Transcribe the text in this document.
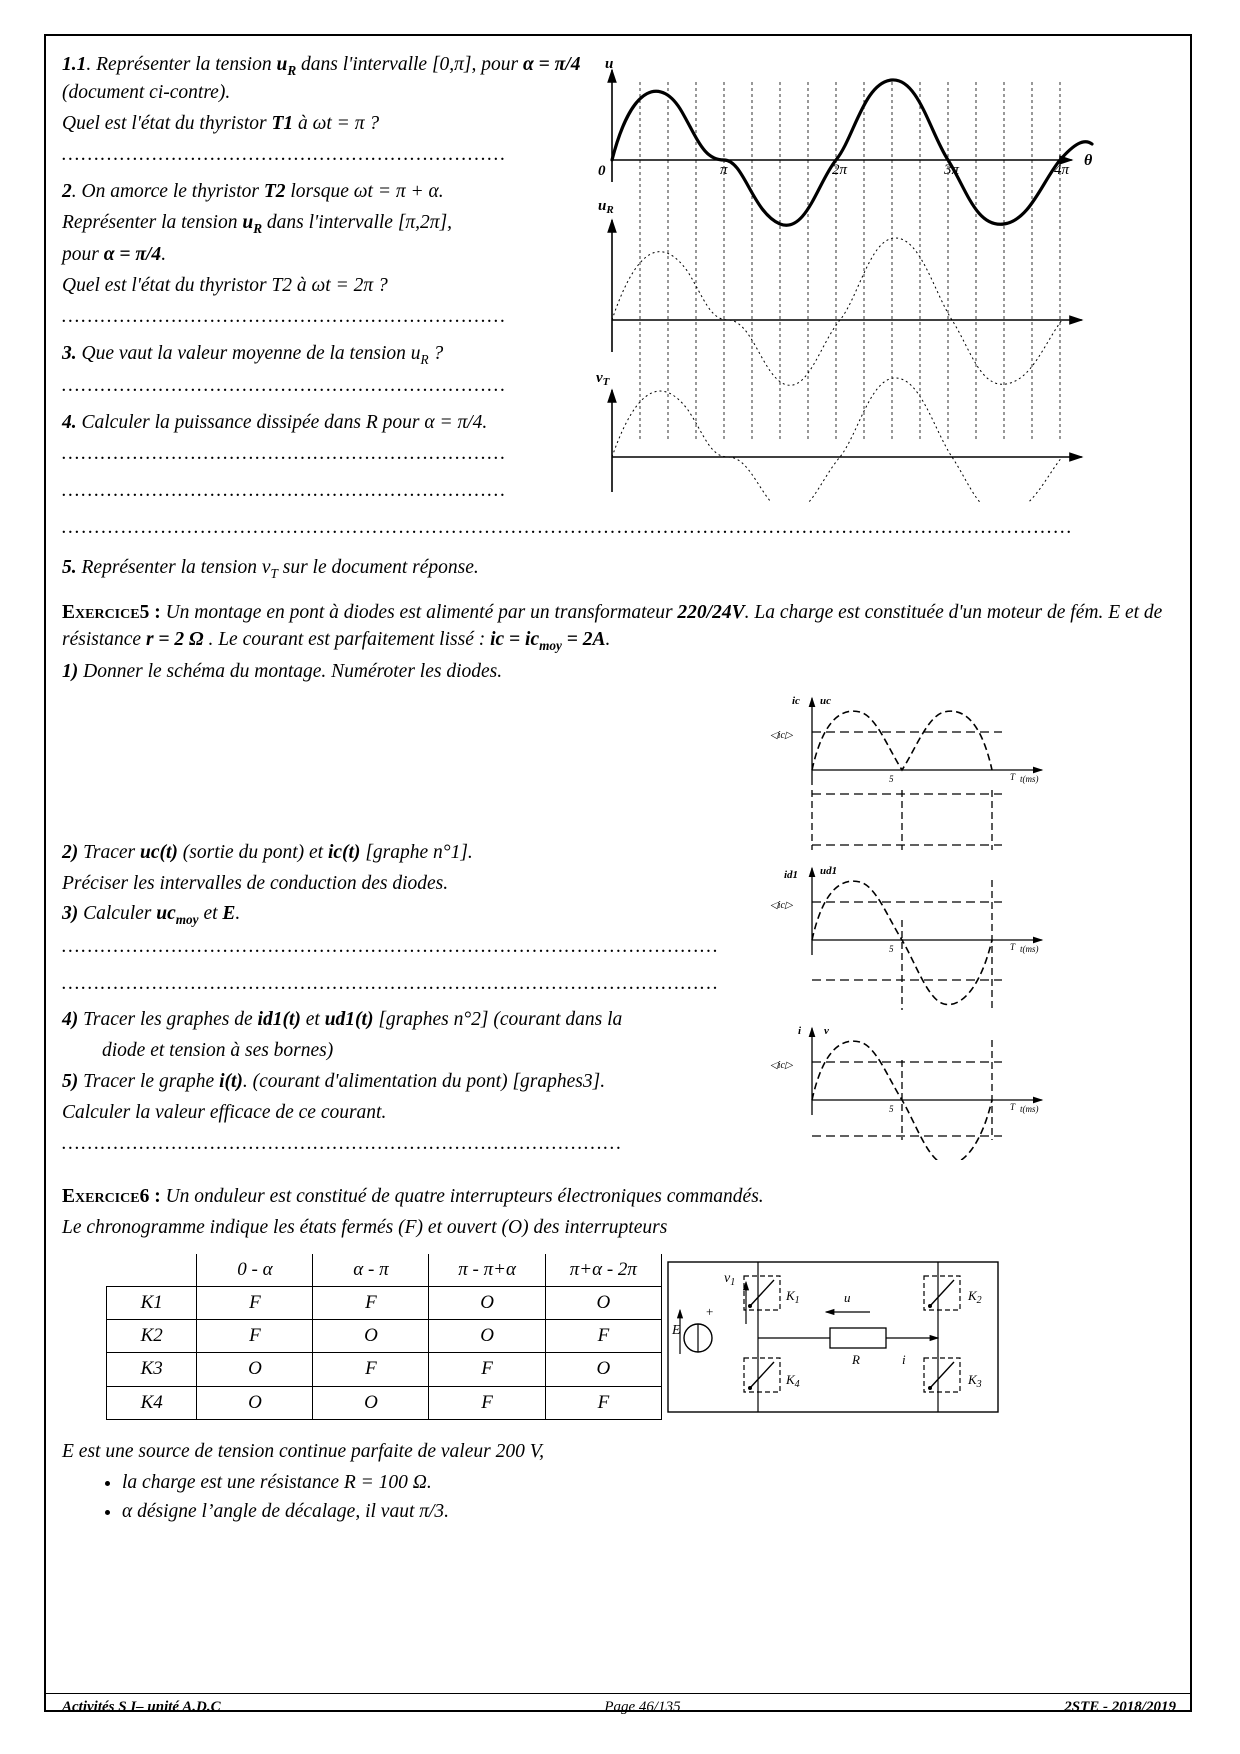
1.1. Représenter la tension $u_R$ dans l'intervalle [0,π], pour α = π/4 (document ci-contre).

Quel est l'état du thyristor T1 à ωt = π ?

……………………………………………………………

2. On amorce le thyristor T2 lorsque ωt = π + α.

Représenter la tension $u_R$ dans l'intervalle [π,2π],

pour α = π/4.

Quel est l'état du thyristor T2 à ωt = 2π ?

……………………………………………………………

3. Que vaut la valeur moyenne de la tension $u_R$ ?

……………………………………………………………

4. Calculer la puissance dissipée dans R pour α = π/4.

……………………………………………………………

……………………………………………………………

u
θ
0	π	2π	3π	4π
$u_R$
$v_T$

………………………………………………………………………………………………………………………………………

5. Représenter la tension $v_T$ sur le document réponse.

Exercice5 : Un montage en pont à diodes est alimenté par un transformateur 220/24V. La charge est constituée d'un moteur de fém. E et de résistance r = 2 Ω . Le courant est parfaitement lissé : ic = $ic_{moy} = 2A$.

1) Donner le schéma du montage. Numéroter les diodes.

2) Tracer uc(t) (sortie du pont) et ic(t) [graphe n°1].

Préciser les intervalles de conduction des diodes.

3) Calculer $uc_{moy}$ et E.

…………………………………………………………………………………………

…………………………………………………………………………………………

4) Tracer les graphes de id1(t) et ud1(t) [graphes n°2] (courant dans la

diode et tension à ses bornes)

5) Tracer le graphe i(t). (courant d'alimentation du pont) [graphes3].

Calculer la valeur efficace de ce courant.

……………………………………………………………………………

uc
ic
◁ic▷
5	T t(ms)
ud1
id1
◁ic▷
5	T t(ms)
v
i
◁ic▷
5	T t(ms)

Exercice6 : Un onduleur est constitué de quatre interrupteurs électroniques commandés.

Le chronogramme indique les états fermés (F) et ouvert (O) des interrupteurs

	0 - α	α - π	π - π+α	π+α - 2π
K1	F	F	O	O
K2	F	O	O	F
K3	O	F	F	O
K4	O	O	F	F
E
+
$v_1$
$K_1$
$K_4$
$K_2$
$K_3$
R	i
u

E est une source de tension continue parfaite de valeur 200 V,

• la charge est une résistance R = 100 Ω.
• α désigne l’angle de décalage, il vaut π/3.
Activités S I– unité A.D.C	Page 46/135	2STE - 2018/2019
